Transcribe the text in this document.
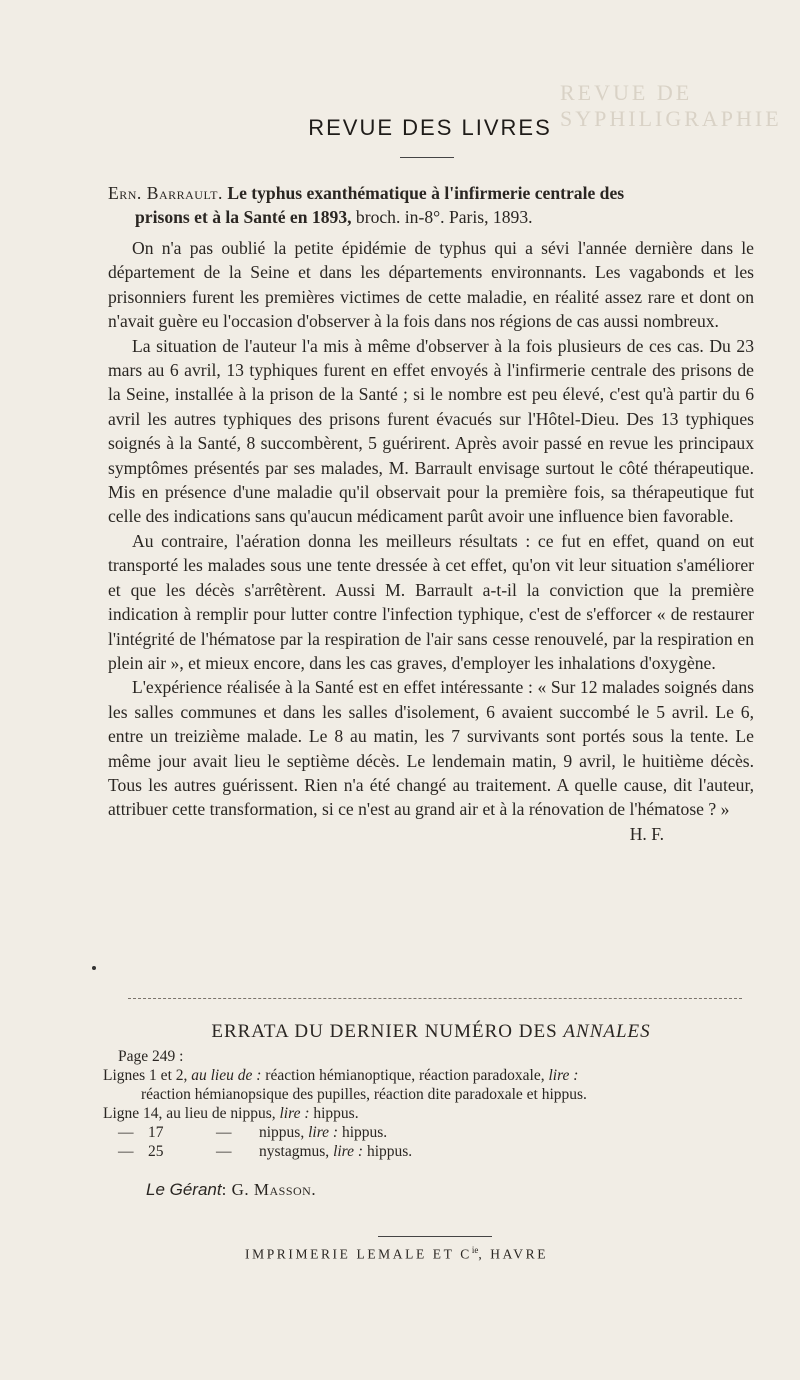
REVUE DE SYPHILIGRAPHIE
REVUE DES LIVRES
Ern. Barrault. Le typhus exanthématique à l'infirmerie centrale des
prisons et à la Santé en 1893, broch. in-8°. Paris, 1893.

On n'a pas oublié la petite épidémie de typhus qui a sévi l'année dernière dans le département de la Seine et dans les départements environnants. Les vagabonds et les prisonniers furent les premières victimes de cette maladie, en réalité assez rare et dont on n'avait guère eu l'occasion d'observer à la fois dans nos régions de cas aussi nombreux.

La situation de l'auteur l'a mis à même d'observer à la fois plusieurs de ces cas. Du 23 mars au 6 avril, 13 typhiques furent en effet envoyés à l'infirmerie centrale des prisons de la Seine, installée à la prison de la Santé ; si le nombre est peu élevé, c'est qu'à partir du 6 avril les autres typhiques des prisons furent évacués sur l'Hôtel-Dieu. Des 13 typhiques soignés à la Santé, 8 succombèrent, 5 guérirent. Après avoir passé en revue les principaux symptômes présentés par ses malades, M. Barrault envisage surtout le côté thérapeutique. Mis en présence d'une maladie qu'il observait pour la première fois, sa thérapeutique fut celle des indications sans qu'aucun médicament parût avoir une influence bien favorable.

Au contraire, l'aération donna les meilleurs résultats : ce fut en effet, quand on eut transporté les malades sous une tente dressée à cet effet, qu'on vit leur situation s'améliorer et que les décès s'arrêtèrent. Aussi M. Barrault a-t-il la conviction que la première indication à remplir pour lutter contre l'infection typhique, c'est de s'efforcer « de restaurer l'intégrité de l'hématose par la respiration de l'air sans cesse renouvelé, par la respiration en plein air », et mieux encore, dans les cas graves, d'employer les inhalations d'oxygène.

L'expérience réalisée à la Santé est en effet intéressante : « Sur 12 malades soignés dans les salles communes et dans les salles d'isolement, 6 avaient succombé le 5 avril. Le 6, entre un treizième malade. Le 8 au matin, les 7 survivants sont portés sous la tente. Le même jour avait lieu le septième décès. Le lendemain matin, 9 avril, le huitième décès. Tous les autres guérissent. Rien n'a été changé au traitement. A quelle cause, dit l'auteur, attribuer cette transformation, si ce n'est au grand air et à la rénovation de l'hématose ? »
H. F.

ERRATA DU DERNIER NUMÉRO DES ANNALES
Page 249 :
Lignes 1 et 2, au lieu de : réaction hémianoptique, réaction paradoxale, lire :
réaction hémianopsique des pupilles, réaction dite paradoxale et hippus.
Ligne 14, au lieu de nippus, lire : hippus.
— 17	— nippus, lire : hippus.
— 25	— nystagmus, lire : hippus.
Le Gérant: G. Masson.
IMPRIMERIE LEMALE ET $C^{ie}$, HAVRE
